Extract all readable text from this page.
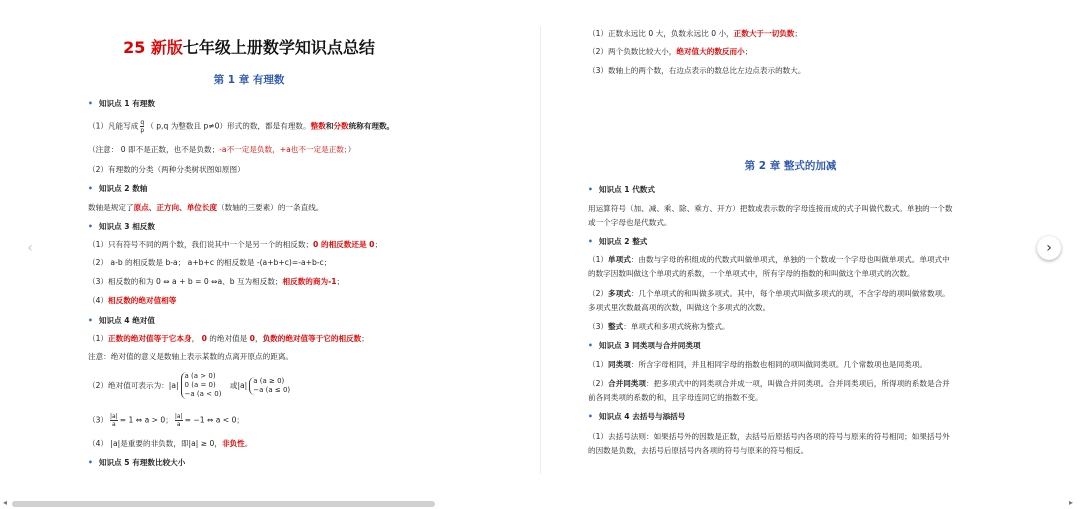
25 新版七年级上册数学知识点总结
第 1 章 有理数
• 知识点 1 有理数
（1）凡能写成 $\frac{q}{p}$ （ p,q 为整数且 p≠0）形式的数，都是有理数。整数和分数统称有理数。
（注意： 0 即不是正数，也不是负数；-a不一定是负数，+a也不一定是正数；）
（2）有理数的分类（两种分类树状图如原图）
• 知识点 2 数轴
数轴是规定了原点、正方向、单位长度（数轴的三要素）的一条直线。
• 知识点 3 相反数
（1）只有符号不同的两个数，我们说其中一个是另一个的相反数；0 的相反数还是 0；
（2） a-b 的相反数是 b-a； a+b+c 的相反数是 -(a+b+c)=-a+b-c；
（3）相反数的和为 0 ⇔ a + b = 0 ⇔a、b 互为相反数；相反数的商为-1；
（4）相反数的绝对值相等
• 知识点 4 绝对值
（1）正数的绝对值等于它本身， 0 的绝对值是 0，负数的绝对值等于它的相反数；
注意：绝对值的意义是数轴上表示某数的点离开原点的距离。
（2）绝对值可表示为：|a|
a (a > 0)
0 (a = 0)
−a (a < 0)
或|a|
a (a ≥ 0)
−a (a ≤ 0)
$(3) \frac{|a|}{a} = 1$ ⇔ a > 0； $\frac{|a|}{a} = -1$ ⇔ a < 0；
（4） |a|是重要的非负数，即|a| ≥ 0，非负性。
• 知识点 5 有理数比较大小
（1）正数永远比 0 大，负数永远比 0 小，正数大于一切负数；
（2）两个负数比较大小，绝对值大的数反而小；
（3）数轴上的两个数，右边点表示的数总比左边点表示的数大。
第 2 章 整式的加减
• 知识点 1 代数式
用运算符号（加、减、乘、除、乘方、开方）把数或表示数的字母连接而成的式子叫做代数式。单独的一个数
或一个字母也是代数式。
• 知识点 2 整式
（1）单项式：由数与字母的积组成的代数式叫做单项式，单独的一个数或一个字母也叫做单项式。单项式中
的数字因数叫做这个单项式的系数，一个单项式中，所有字母的指数的和叫做这个单项式的次数。
（2）多项式：几个单项式的和叫做多项式。其中，每个单项式叫做多项式的项，不含字母的项叫做常数项。
多项式里次数最高项的次数，叫做这个多项式的次数。
（3）整式：单项式和多项式统称为整式。
• 知识点 3 同类项与合并同类项
（1）同类项：所含字母相同，并且相同字母的指数也相同的项叫做同类项。几个常数项也是同类项。
（2）合并同类项：把多项式中的同类项合并成一项，叫做合并同类项。合并同类项后，所得项的系数是合并
前各同类项的系数的和，且字母连同它的指数不变。
• 知识点 4 去括号与添括号
（1）去括号法则：如果括号外的因数是正数，去括号后原括号内各项的符号与原来的符号相同；如果括号外
的因数是负数，去括号后原括号内各项的符号与原来的符号相反。
‹	›
◂	▸
